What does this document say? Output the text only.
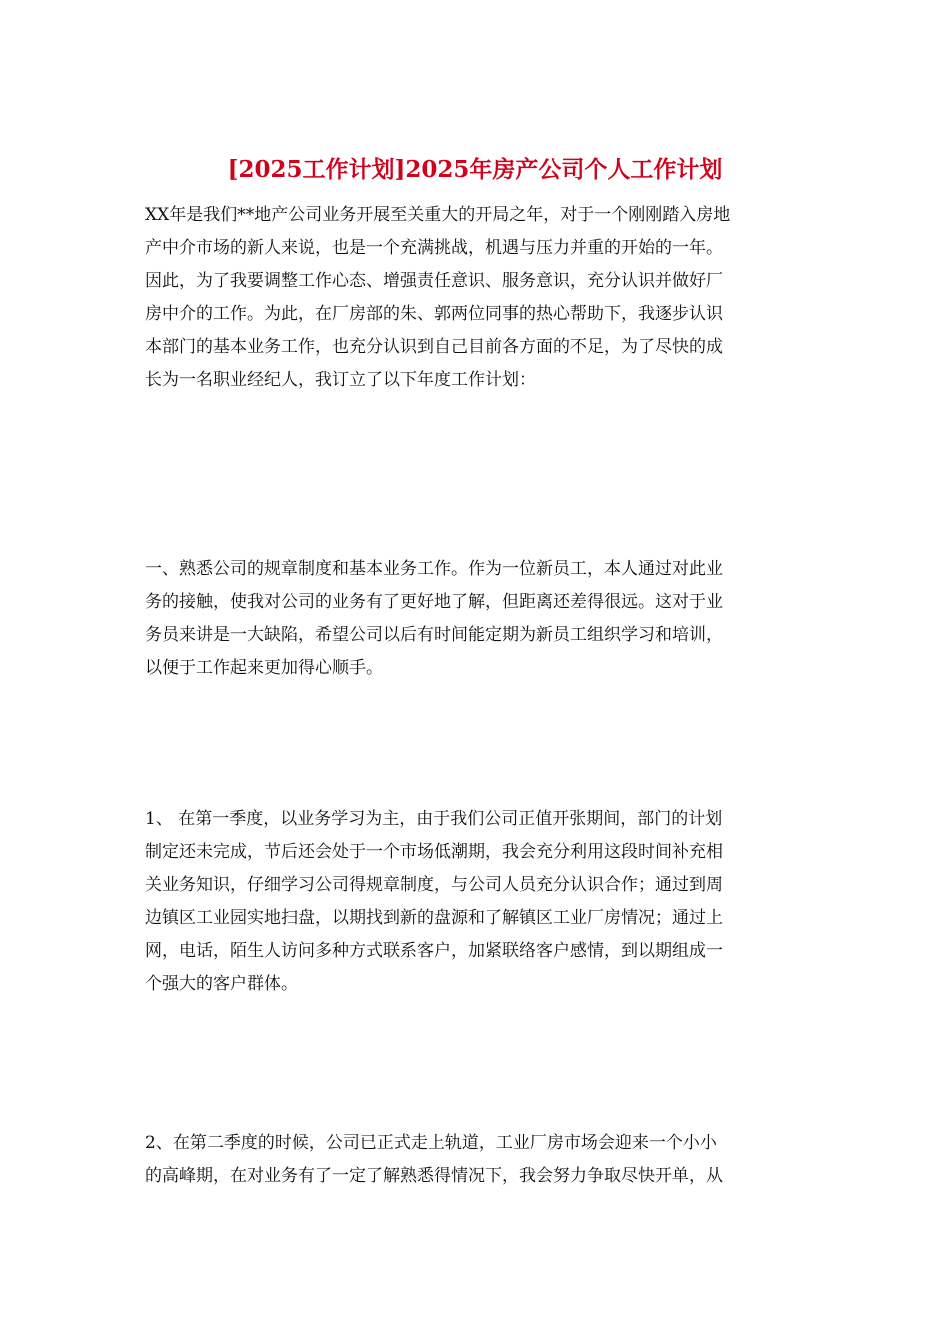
[2025工作计划]2025年房产公司个人工作计划
XX年是我们**地产公司业务开展至关重大的开局之年，对于一个刚刚踏入房地
产中介市场的新人来说，也是一个充满挑战，机遇与压力并重的开始的一年。
因此，为了我要调整工作心态、增强责任意识、服务意识，充分认识并做好厂
房中介的工作。为此，在厂房部的朱、郭两位同事的热心帮助下，我逐步认识
本部门的基本业务工作，也充分认识到自己目前各方面的不足，为了尽快的成
长为一名职业经纪人，我订立了以下年度工作计划：
一、熟悉公司的规章制度和基本业务工作。作为一位新员工，本人通过对此业
务的接触，使我对公司的业务有了更好地了解，但距离还差得很远。这对于业
务员来讲是一大缺陷，希望公司以后有时间能定期为新员工组织学习和培训，
以便于工作起来更加得心顺手。
1、 在第一季度，以业务学习为主，由于我们公司正值开张期间，部门的计划
制定还未完成，节后还会处于一个市场低潮期，我会充分利用这段时间补充相
关业务知识，仔细学习公司得规章制度，与公司人员充分认识合作；通过到周
边镇区工业园实地扫盘，以期找到新的盘源和了解镇区工业厂房情况；通过上
网，电话，陌生人访问多种方式联系客户，加紧联络客户感情，到以期组成一
个强大的客户群体。
2、在第二季度的时候，公司已正式走上轨道，工业厂房市场会迎来一个小小
的高峰期，在对业务有了一定了解熟悉得情况下，我会努力争取尽快开单，从
